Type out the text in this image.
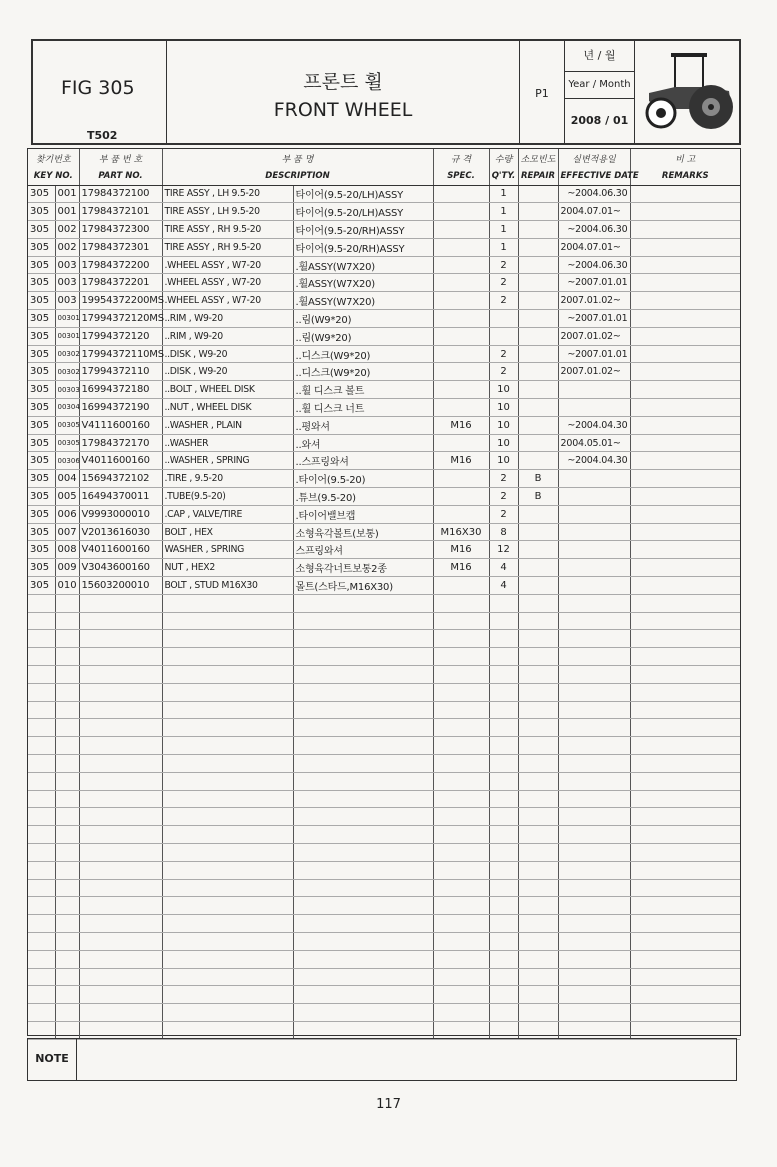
FIG 305
T502
프론트 휠
FRONT WHEEL
P1
년 / 월
Year / Month
2008 / 01
찾기번호		부 품 번 호	부 품 명		규 격	수량	소모빈도	실변적용일	비 고
KEY NO.		PART NO.	DESCRIPTION		SPEC.	Q'TY.	REPAIR	EFFECTIVE DATE	REMARKS
305	001	17984372100	TIRE ASSY , LH 9.5-20	타이어(9.5-20/LH)ASSY		1		~2004.06.30	
305	001	17984372101	TIRE ASSY , LH 9.5-20	타이어(9.5-20/LH)ASSY		1		2004.07.01~	
305	002	17984372300	TIRE ASSY , RH 9.5-20	타이어(9.5-20/RH)ASSY		1		~2004.06.30	
305	002	17984372301	TIRE ASSY , RH 9.5-20	타이어(9.5-20/RH)ASSY		1		2004.07.01~	
305	003	17984372200	.WHEEL ASSY , W7-20	.휠ASSY(W7X20)		2		~2004.06.30	
305	003	17984372201	.WHEEL ASSY , W7-20	.휠ASSY(W7X20)		2		~2007.01.01	
305	003	19954372200MS	.WHEEL ASSY , W7-20	.휠ASSY(W7X20)		2		2007.01.02~	
305	00301	17994372120MS	..RIM , W9-20	..림(W9*20)				~2007.01.01	
305	00301	17994372120	..RIM , W9-20	..림(W9*20)				2007.01.02~	
305	00302	17994372110MS	..DISK , W9-20	..디스크(W9*20)		2		~2007.01.01	
305	00302	17994372110	..DISK , W9-20	..디스크(W9*20)		2		2007.01.02~	
305	00303	16994372180	..BOLT , WHEEL DISK	..휠 디스크 볼트		10			
305	00304	16994372190	..NUT , WHEEL DISK	..휠 디스크 너트		10			
305	00305	V4111600160	..WASHER , PLAIN	..평와셔	M16	10		~2004.04.30	
305	00305	17984372170	..WASHER	..와셔		10		2004.05.01~	
305	00306	V4011600160	..WASHER , SPRING	..스프링와셔	M16	10		~2004.04.30	
305	004	15694372102	.TIRE , 9.5-20	.타이어(9.5-20)		2	B		
305	005	16494370011	.TUBE(9.5-20)	.튜브(9.5-20)		2	B		
305	006	V9993000010	.CAP , VALVE/TIRE	.타이어밸브캡		2			
305	007	V2013616030	BOLT , HEX	소형육각볼트(보통)	M16X30	8			
305	008	V4011600160	WASHER , SPRING	스프링와셔	M16	12			
305	009	V3043600160	NUT , HEX2	소형육각너트보통2종	M16	4			
305	010	15603200010	BOLT , STUD M16X30	몰트(스타드,M16X30)		4			

NOTE
117
